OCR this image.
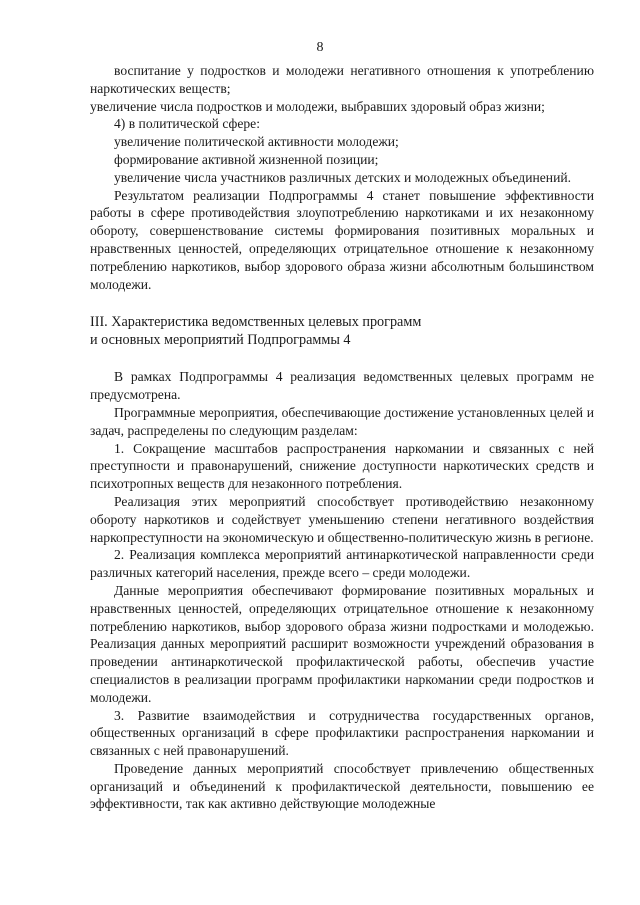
8

воспитание у подростков и молодежи негативного отношения к употреблению наркотических веществ;

увеличение числа подростков и молодежи, выбравших здоровый образ жизни;

4) в политической сфере:

увеличение политической активности молодежи;

формирование активной жизненной позиции;

увеличение числа участников различных детских и молодежных объединений.

Результатом реализации Подпрограммы 4 станет повышение эффективности работы в сфере противодействия злоупотреблению наркотиками и их незаконному обороту, совершенствование системы формирования позитивных моральных и нравственных ценностей, определяющих отрицательное отношение к незаконному потреблению наркотиков, выбор здорового образа жизни абсолютным большинством молодежи.

III. Характеристика ведомственных целевых программ
и основных мероприятий Подпрограммы 4

В рамках Подпрограммы 4 реализация ведомственных целевых программ не предусмотрена.

Программные мероприятия, обеспечивающие достижение установленных целей и задач, распределены по следующим разделам:

1. Сокращение масштабов распространения наркомании и связанных с ней преступности и правонарушений, снижение доступности наркотических средств и психотропных веществ для незаконного потребления.

Реализация этих мероприятий способствует противодействию незаконному обороту наркотиков и содействует уменьшению степени негативного воздействия наркопреступности на экономическую и общественно-политическую жизнь в регионе.

2. Реализация комплекса мероприятий антинаркотической направленности среди различных категорий населения, прежде всего – среди молодежи.

Данные мероприятия обеспечивают формирование позитивных моральных и нравственных ценностей, определяющих отрицательное отношение к незаконному потреблению наркотиков, выбор здорового образа жизни подростками и молодежью. Реализация данных мероприятий расширит возможности учреждений образования в проведении антинаркотической профилактической работы, обеспечив участие специалистов в реализации программ профилактики наркомании среди подростков и молодежи.

3. Развитие взаимодействия и сотрудничества государственных органов, общественных организаций в сфере профилактики распространения наркомании и связанных с ней правонарушений.

Проведение данных мероприятий способствует привлечению общественных организаций и объединений к профилактической деятельности, повышению ее эффективности, так как активно действующие молодежные
